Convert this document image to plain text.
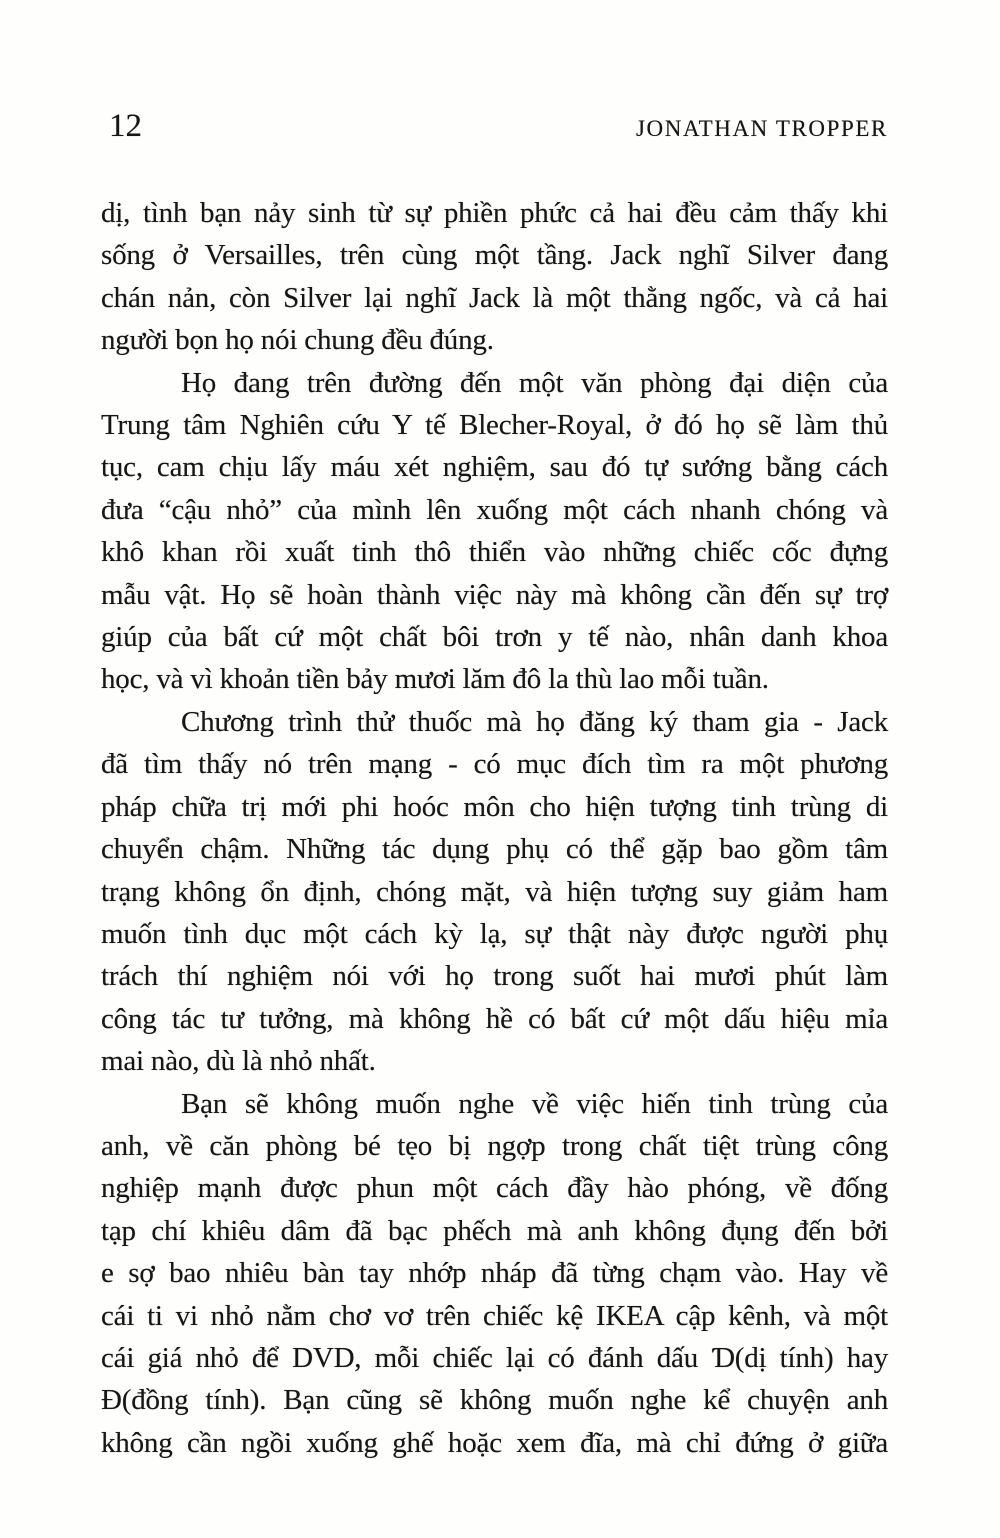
12	JONATHAN TROPPER
dị, tình bạn nảy sinh từ sự phiền phức cả hai đều cảm thấy khi
sống ở Versailles, trên cùng một tầng. Jack nghĩ Silver đang
chán nản, còn Silver lại nghĩ Jack là một thằng ngốc, và cả hai
người bọn họ nói chung đều đúng.
Họ đang trên đường đến một văn phòng đại diện của
Trung tâm Nghiên cứu Y tế Blecher-Royal, ở đó họ sẽ làm thủ
tục, cam chịu lấy máu xét nghiệm, sau đó tự sướng bằng cách
đưa “cậu nhỏ” của mình lên xuống một cách nhanh chóng và
khô khan rồi xuất tinh thô thiển vào những chiếc cốc đựng
mẫu vật. Họ sẽ hoàn thành việc này mà không cần đến sự trợ
giúp của bất cứ một chất bôi trơn y tế nào, nhân danh khoa
học, và vì khoản tiền bảy mươi lăm đô la thù lao mỗi tuần.
Chương trình thử thuốc mà họ đăng ký tham gia - Jack
đã tìm thấy nó trên mạng - có mục đích tìm ra một phương
pháp chữa trị mới phi hoóc môn cho hiện tượng tinh trùng di
chuyển chậm. Những tác dụng phụ có thể gặp bao gồm tâm
trạng không ổn định, chóng mặt, và hiện tượng suy giảm ham
muốn tình dục một cách kỳ lạ, sự thật này được người phụ
trách thí nghiệm nói với họ trong suốt hai mươi phút làm
công tác tư tưởng, mà không hề có bất cứ một dấu hiệu mỉa
mai nào, dù là nhỏ nhất.
Bạn sẽ không muốn nghe về việc hiến tinh trùng của
anh, về căn phòng bé tẹo bị ngợp trong chất tiệt trùng công
nghiệp mạnh được phun một cách đầy hào phóng, về đống
tạp chí khiêu dâm đã bạc phếch mà anh không đụng đến bởi
e sợ bao nhiêu bàn tay nhớp nháp đã từng chạm vào. Hay về
cái ti vi nhỏ nằm chơ vơ trên chiếc kệ IKEA cập kênh, và một
cái giá nhỏ để DVD, mỗi chiếc lại có đánh dấu Ɗ(dị tính) hay
Đ(đồng tính). Bạn cũng sẽ không muốn nghe kể chuyện anh
không cần ngồi xuống ghế hoặc xem đĩa, mà chỉ đứng ở giữa
